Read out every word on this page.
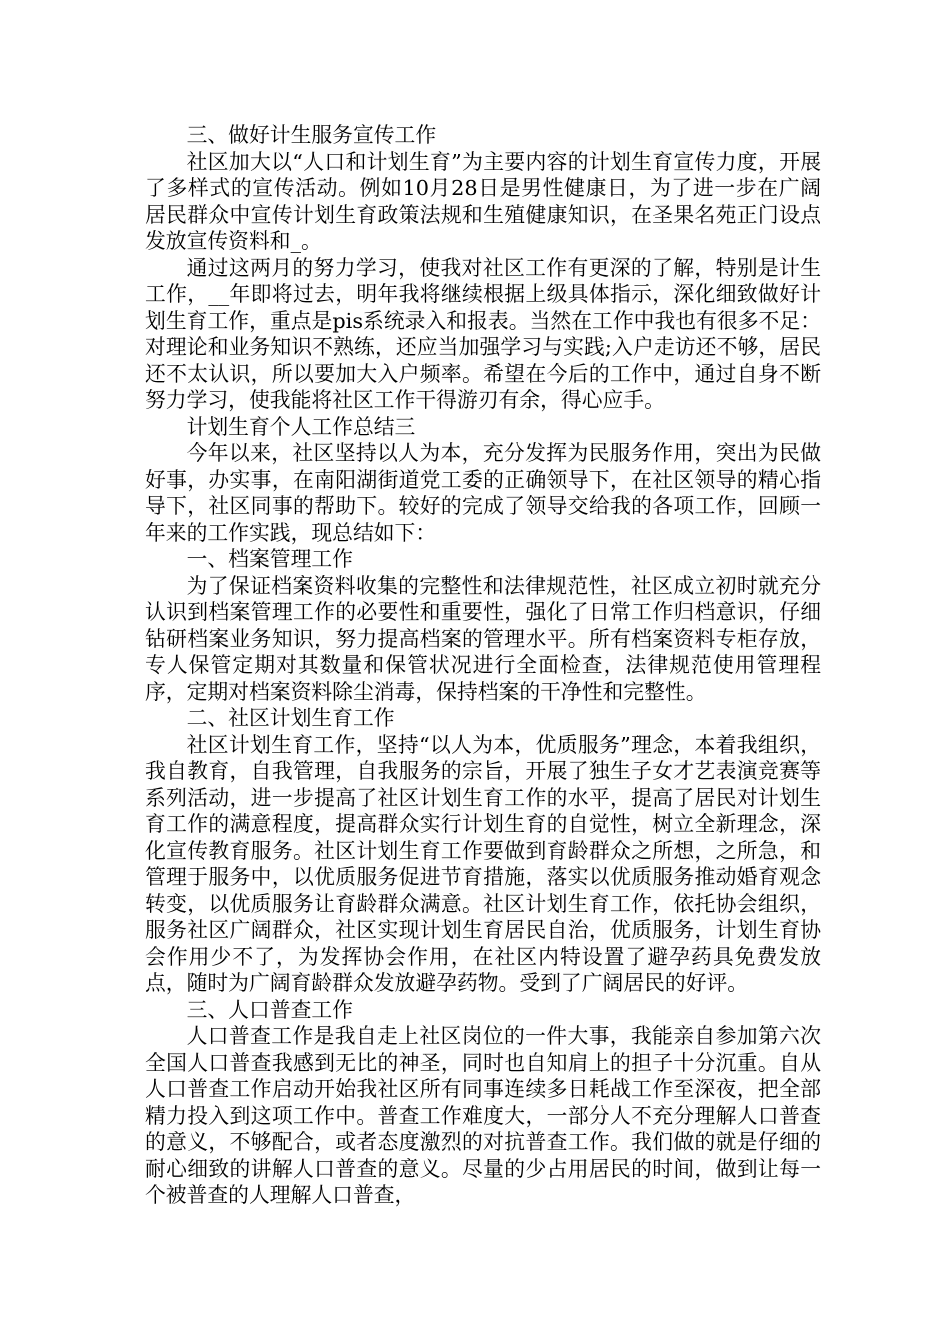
三、做好计生服务宣传工作

社区加大以“人口和计划生育”为主要内容的计划生育宣传力度，开展了多样式的宣传活动。例如10月28日是男性健康日，为了进一步在广阔居民群众中宣传计划生育政策法规和生殖健康知识，在圣果名苑正门设点发放宣传资料和_。

通过这两月的努力学习，使我对社区工作有更深的了解，特别是计生工作，__年即将过去，明年我将继续根据上级具体指示，深化细致做好计划生育工作，重点是pis系统录入和报表。当然在工作中我也有很多不足：对理论和业务知识不熟练，还应当加强学习与实践;入户走访还不够，居民还不太认识，所以要加大入户频率。希望在今后的工作中，通过自身不断努力学习，使我能将社区工作干得游刃有余，得心应手。

计划生育个人工作总结三

今年以来，社区坚持以人为本，充分发挥为民服务作用，突出为民做好事，办实事，在南阳湖街道党工委的正确领导下，在社区领导的精心指导下，社区同事的帮助下。较好的完成了领导交给我的各项工作，回顾一年来的工作实践，现总结如下：

一、档案管理工作

为了保证档案资料收集的完整性和法律规范性，社区成立初时就充分认识到档案管理工作的必要性和重要性，强化了日常工作归档意识，仔细钻研档案业务知识，努力提高档案的管理水平。所有档案资料专柜存放，专人保管定期对其数量和保管状况进行全面检查，法律规范使用管理程序，定期对档案资料除尘消毒，保持档案的干净性和完整性。

二、社区计划生育工作

社区计划生育工作，坚持“以人为本，优质服务”理念，本着我组织，我自教育，自我管理，自我服务的宗旨，开展了独生子女才艺表演竞赛等系列活动，进一步提高了社区计划生育工作的水平，提高了居民对计划生育工作的满意程度，提高群众实行计划生育的自觉性，树立全新理念，深化宣传教育服务。社区计划生育工作要做到育龄群众之所想，之所急，和管理于服务中，以优质服务促进节育措施，落实以优质服务推动婚育观念转变，以优质服务让育龄群众满意。社区计划生育工作，依托协会组织，服务社区广阔群众，社区实现计划生育居民自治，优质服务，计划生育协会作用少不了，为发挥协会作用，在社区内特设置了避孕药具免费发放点，随时为广阔育龄群众发放避孕药物。受到了广阔居民的好评。

三、人口普查工作

人口普查工作是我自走上社区岗位的一件大事，我能亲自参加第六次全国人口普查我感到无比的神圣，同时也自知肩上的担子十分沉重。自从人口普查工作启动开始我社区所有同事连续多日耗战工作至深夜，把全部精力投入到这项工作中。普查工作难度大，一部分人不充分理解人口普查的意义，不够配合，或者态度激烈的对抗普查工作。我们做的就是仔细的耐心细致的讲解人口普查的意义。尽量的少占用居民的时间，做到让每一个被普查的人理解人口普查，
